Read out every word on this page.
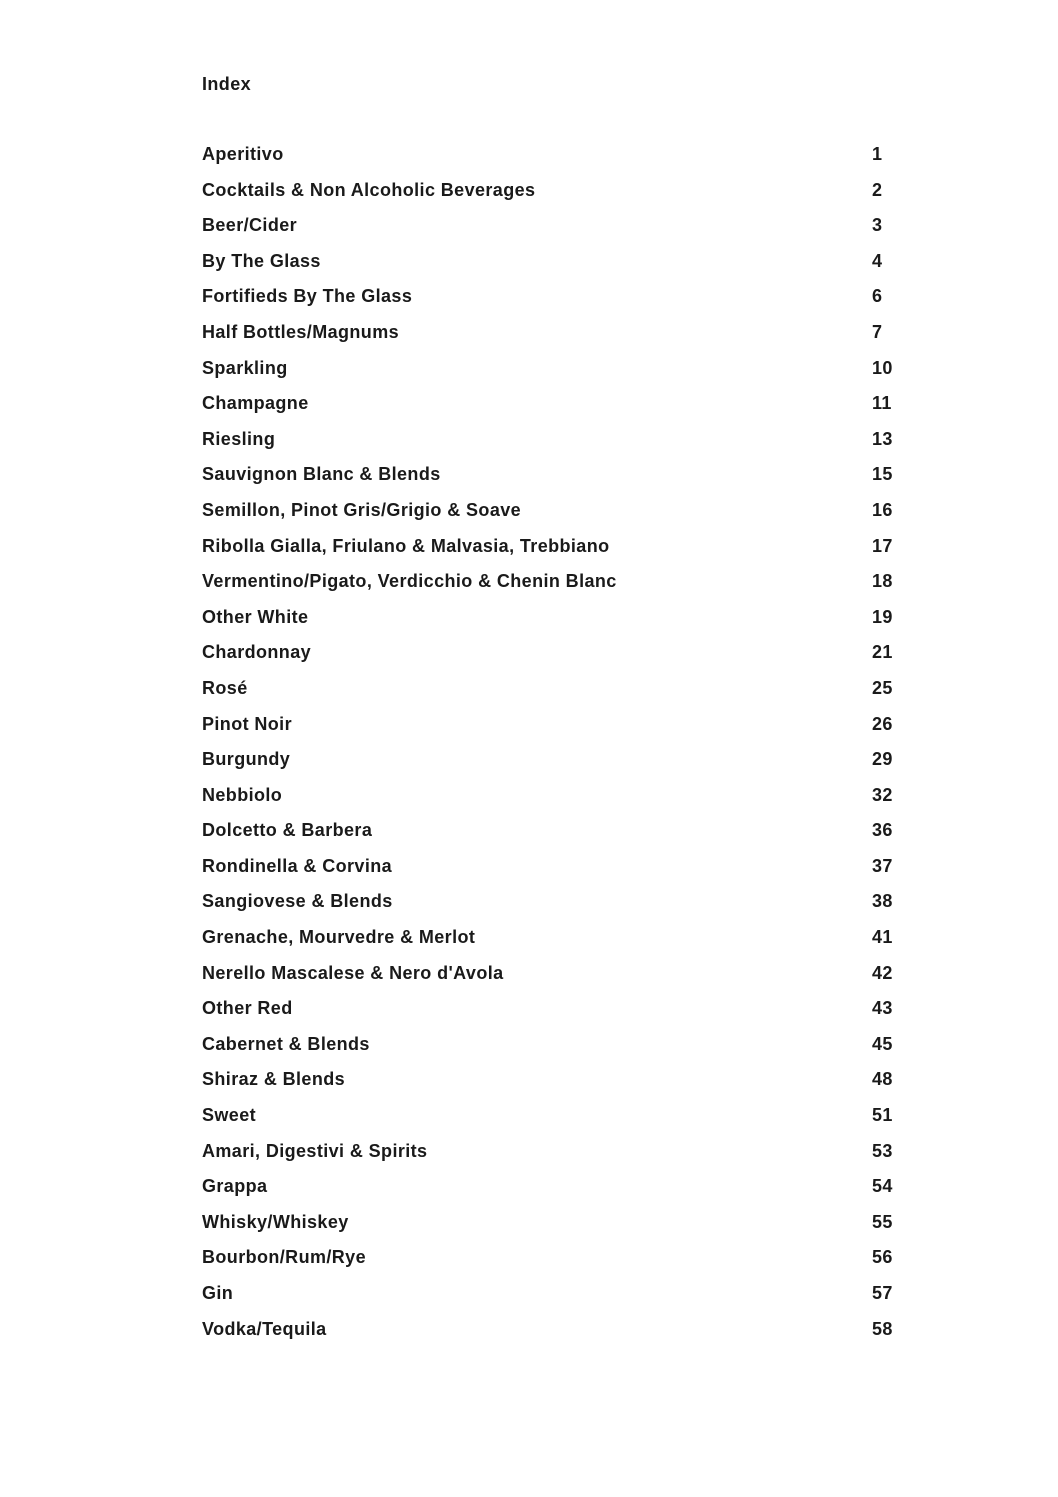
Index
Aperitivo	1
Cocktails & Non Alcoholic Beverages	2
Beer/Cider	3
By The Glass	4
Fortifieds By The Glass	6
Half Bottles/Magnums	7
Sparkling	10
Champagne	11
Riesling	13
Sauvignon Blanc & Blends	15
Semillon, Pinot Gris/Grigio & Soave	16
Ribolla Gialla, Friulano & Malvasia, Trebbiano	17
Vermentino/Pigato, Verdicchio & Chenin Blanc	18
Other White	19
Chardonnay	21
Rosé	25
Pinot Noir	26
Burgundy	29
Nebbiolo	32
Dolcetto & Barbera	36
Rondinella & Corvina	37
Sangiovese & Blends	38
Grenache, Mourvedre & Merlot	41
Nerello Mascalese & Nero d'Avola	42
Other Red	43
Cabernet & Blends	45
Shiraz & Blends	48
Sweet	51
Amari, Digestivi & Spirits	53
Grappa	54
Whisky/Whiskey	55
Bourbon/Rum/Rye	56
Gin	57
Vodka/Tequila	58
